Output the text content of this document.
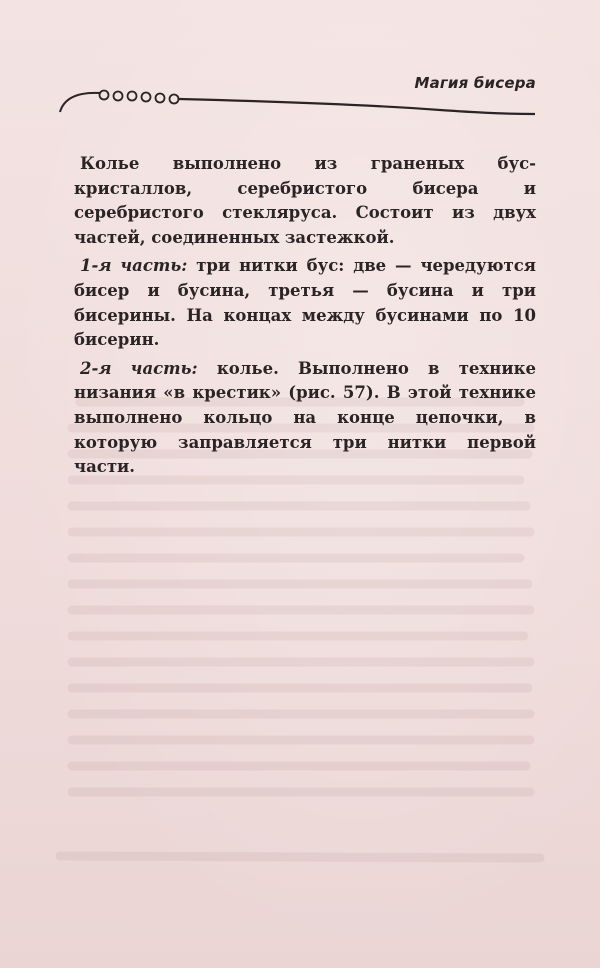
Магия бисера

Колье выполнено из граненых бус-кристаллов, серебристого бисера и серебристого стекляруса. Состоит из двух частей, соединенных застежкой.

1-я часть: три нитки бус: две — чередуются бисер и бусина, третья — бусина и три бисерины. На концах между бусинами по 10 бисерин.

2-я часть: колье. Выполнено в технике низания «в крестик» (рис. 57). В этой технике выполнено кольцо на конце цепочки, в которую заправляется три нитки первой части.
